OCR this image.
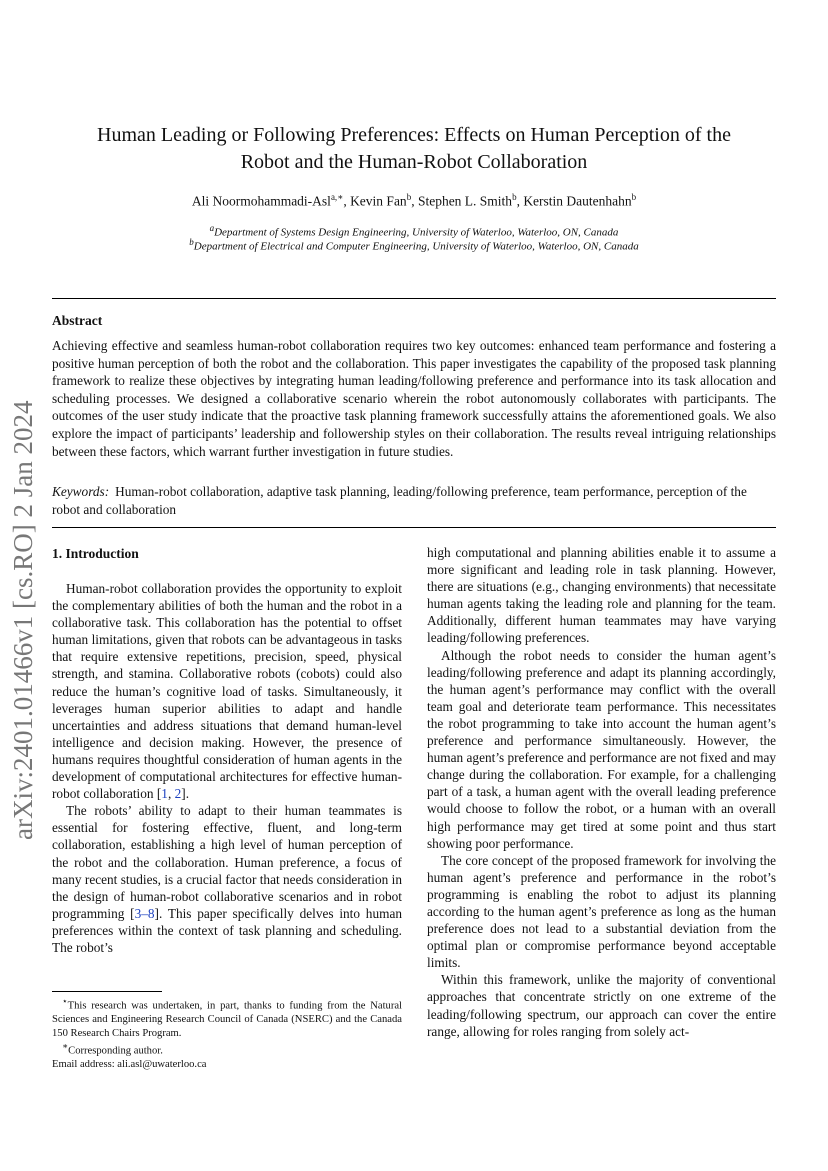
arXiv:2401.01466v1 [cs.RO] 2 Jan 2024
Human Leading or Following Preferences: Effects on Human Perception of the
Robot and the Human-Robot Collaboration
Ali Noormohammadi-Asl$^{a,∗}$, Kevin Fan$^b$, Stephen L. Smith$^b$, Kerstin Dautenhahn$^b$
$^a$Department of Systems Design Engineering, University of Waterloo, Waterloo, ON, Canada
$^b$Department of Electrical and Computer Engineering, University of Waterloo, Waterloo, ON, Canada
Abstract
Achieving effective and seamless human-robot collaboration requires two key outcomes: enhanced team performance and fostering a positive human perception of both the robot and the collaboration. This paper investigates the capability of the proposed task planning framework to realize these objectives by integrating human leading/following preference and performance into its task allocation and scheduling processes. We designed a collaborative scenario wherein the robot autonomously collaborates with participants. The outcomes of the user study indicate that the proactive task planning framework successfully attains the aforementioned goals. We also explore the impact of participants’ leadership and followership styles on their collaboration. The results reveal intriguing relationships between these factors, which warrant further investigation in future studies.
Keywords: Human-robot collaboration, adaptive task planning, leading/following preference, team performance, perception of the robot and collaboration
1. Introduction

Human-robot collaboration provides the opportunity to exploit the complementary abilities of both the human and the robot in a collaborative task. This collaboration has the potential to offset human limitations, given that robots can be advantageous in tasks that require extensive repetitions, precision, speed, physical strength, and stamina. Collaborative robots (cobots) could also reduce the human’s cognitive load of tasks. Simultaneously, it leverages human superior abilities to adapt and handle uncertainties and address situations that demand human-level intelligence and decision making. However, the presence of humans requires thoughtful consideration of human agents in the development of computational architectures for effective human-robot collaboration [1, 2].

The robots’ ability to adapt to their human teammates is essential for fostering effective, fluent, and long-term collaboration, establishing a high level of human perception of the robot and the collaboration. Human preference, a focus of many recent studies, is a crucial factor that needs consideration in the design of human-robot collaborative scenarios and in robot programming [3–8]. This paper specifically delves into human preferences within the context of task planning and scheduling. The robot’s

high computational and planning abilities enable it to assume a more significant and leading role in task planning. However, there are situations (e.g., changing environments) that necessitate human agents taking the leading role and planning for the team. Additionally, different human teammates may have varying leading/following preferences.

Although the robot needs to consider the human agent’s leading/following preference and adapt its planning accordingly, the human agent’s performance may conflict with the overall team goal and deteriorate team performance. This necessitates the robot programming to take into account the human agent’s preference and performance simultaneously. However, the human agent’s preference and performance are not fixed and may change during the collaboration. For example, for a challenging part of a task, a human agent with the overall leading preference would choose to follow the robot, or a human with an overall high performance may get tired at some point and thus start showing poor performance.

The core concept of the proposed framework for involving the human agent’s preference and performance in the robot’s programming is enabling the robot to adjust its planning according to the human agent’s preference as long as the human preference does not lead to a substantial deviation from the optimal plan or compromise performance beyond acceptable limits.

Within this framework, unlike the majority of conventional approaches that concentrate strictly on one extreme of the leading/following spectrum, our approach can cover the entire range, allowing for roles ranging from solely act-

⋆This research was undertaken, in part, thanks to funding from the Natural Sciences and Engineering Research Council of Canada (NSERC) and the Canada 150 Research Chairs Program.
∗Corresponding author.
Email address: ali.asl@uwaterloo.ca
